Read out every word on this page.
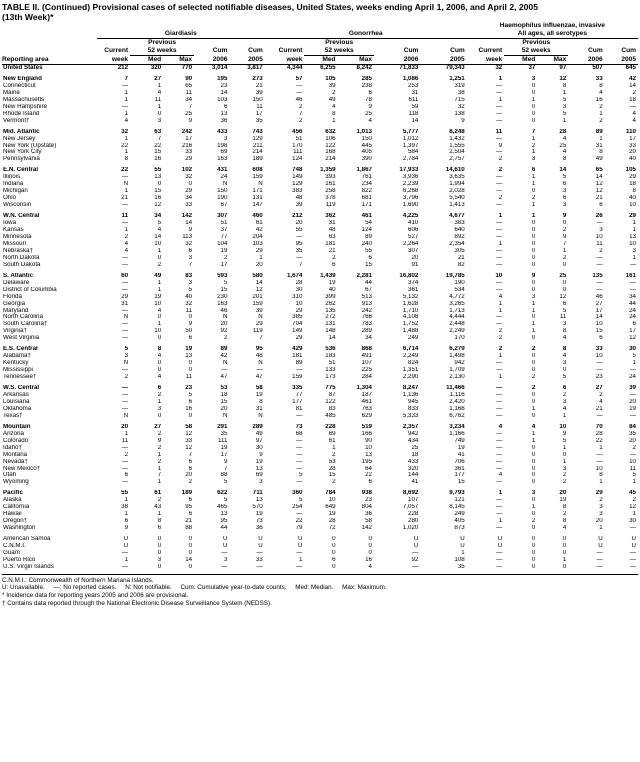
TABLE II. (Continued) Provisional cases of selected notifiable diseases, United States, weeks ending April 1, 2006, and April 2, 2005
(13th Week)*
											Haemophilus influenzae, invasive				
	Giardiasis					Gonorrhea					All ages, all serotypes				
		Previous					Previous					Previous			
	Current	52 weeks		Cum	Cum	Current	52 weeks		Cum	Cum	Current	52 weeks		Cum	Cum
Reporting area	week	Med	Max	2006	2005	week	Med	Max	2006	2005	week	Med	Max	2006	2005
United States	212	320	770	3,014	3,817	4,344	6,255	8,242	71,833	79,343	32	37	97	507	645

New England	7	27	90	195	273	57	105	285	1,086	1,251	1	3	12	33	42
Connecticut	—	1	65	23	21	—	39	238	253	319	—	0	8	8	14
Maine	1	4	11	14	39	—	2	6	31	38	—	0	1	4	2
Massachusetts	1	11	34	103	150	46	49	78	611	715	1	1	5	16	18
New Hampshire	—	1	7	6	11	2	4	9	59	32	—	0	3	2	—
Rhode Island	1	0	25	13	17	7	8	25	118	138	—	0	5	1	4
Vermont†	4	3	9	36	35	2	1	4	14	9	—	0	1	2	4

Mid. Atlantic	32	63	242	433	743	456	632	1,013	5,777	8,248	11	7	28	89	110
New Jersey	1	7	17	3	129	51	106	150	1,012	1,432	—	1	4	1	17
New York (Upstate)	22	22	216	198	211	170	122	445	1,397	1,555	9	2	25	31	33
New York City	1	15	33	69	214	111	168	405	584	2,504	—	1	4	8	20
Pennsylvania	8	16	29	163	189	124	214	390	2,784	2,757	2	3	8	49	40

E.N. Central	22	55	102	431	608	748	1,359	1,867	17,933	14,610	2	6	14	65	105
Illinois	—	13	32	24	159	149	393	761	3,936	3,635	—	1	5	14	29
Indiana	N	0	0	N	N	129	161	234	2,239	1,994	—	1	6	12	18
Michigan	1	15	29	150	171	383	258	822	6,268	2,028	—	0	3	12	8
Ohio	21	16	34	190	131	48	378	681	3,796	5,540	2	2	6	21	40
Wisconsin	—	12	33	67	147	39	119	171	1,690	1,413	—	1	3	6	10

W.N. Central	11	34	142	307	460	212	362	461	4,225	4,677	1	1	9	26	29
Iowa	—	5	14	51	61	20	31	54	410	383	—	0	0	—	1
Kansas	1	4	9	37	42	55	48	124	606	640	—	0	2	3	1
Minnesota	2	14	113	77	204	—	63	89	527	892	—	0	9	10	13
Missouri	4	10	32	104	103	95	181	240	2,264	2,354	1	0	7	11	10
Nebraska†	4	1	6	19	29	35	21	55	307	305	—	0	1	2	3
North Dakota	—	0	3	2	1	—	2	6	20	21	—	0	2	—	1
South Dakota	—	2	7	17	20	7	6	15	91	82	—	0	0	—	—

S. Atlantic	60	49	83	593	580	1,674	1,439	2,281	16,802	19,785	10	9	25	135	161
Delaware	—	1	3	5	14	28	19	44	374	190	—	0	0	—	—
District of Columbia	—	1	5	15	12	30	40	67	361	534	—	0	0	—	—
Florida	29	19	40	230	201	310	399	513	5,132	4,772	4	3	12	46	34
Georgia	31	10	32	163	159	10	262	913	1,628	3,265	1	1	6	27	44
Maryland	—	4	11	46	39	29	135	242	1,710	1,713	1	1	5	17	24
North Carolina	N	0	0	N	N	385	272	766	4,108	4,444	—	0	11	14	24
South Carolina†	—	1	9	20	29	704	131	783	1,752	2,448	—	1	3	10	6
Virginia†	—	10	50	92	119	149	148	289	1,488	2,249	2	1	8	15	17
West Virginia	—	0	6	2	7	29	14	34	249	170	2	0	4	6	12

E.S. Central	5	8	19	89	95	429	536	868	6,714	6,279	2	2	8	33	30
Alabama†	3	4	13	42	48	181	183	491	2,249	1,498	1	0	4	10	5
Kentucky	N	0	0	N	N	89	51	107	824	942	—	0	3	—	1
Mississippi	—	0	0	—	—	—	133	225	1,351	1,709	—	0	0	—	—
Tennessee†	2	4	11	47	47	159	173	284	2,290	2,130	1	2	5	23	24

W.S. Central	—	6	23	53	58	335	775	1,304	8,247	11,466	—	2	6	27	39
Arkansas	—	2	5	18	19	77	87	187	1,136	1,116	—	0	2	2	—
Louisiana	—	1	6	15	8	177	122	461	945	2,420	—	0	3	4	20
Oklahoma	—	3	16	20	31	81	83	763	833	1,168	—	1	4	21	19
Texas†	N	0	0	N	N	—	485	629	5,333	6,762	—	0	1	—	—

Mountain	20	27	58	291	289	73	228	519	2,357	3,234	4	4	10	70	84
Arizona	1	2	12	35	49	68	69	166	942	1,166	—	1	9	28	35
Colorado	11	9	33	111	97	—	61	90	434	749	—	1	5	22	20
Idaho†	—	2	12	19	30	—	1	10	25	19	—	0	1	1	2
Montana	2	1	7	17	9	—	2	13	18	41	—	0	0	—	—
Nevada†	—	2	6	9	19	—	53	195	433	706	—	0	1	—	10
New Mexico†	—	1	6	7	13	—	28	64	320	361	—	0	3	10	11
Utah	6	7	20	88	69	5	15	22	144	177	4	0	2	8	5
Wyoming	—	1	2	5	3	—	2	6	41	15	—	0	2	1	1

Pacific	55	61	189	622	711	360	784	938	8,692	9,793	1	3	20	29	45
Alaska	1	2	6	5	13	5	10	23	107	121	—	0	19	2	2
California	38	43	95	465	570	254	649	804	7,057	8,145	—	1	8	3	12
Hawaii	1	1	6	13	19	—	19	36	228	249	—	0	2	3	1
Oregon†	6	8	21	95	73	22	28	58	280	405	1	2	8	20	30
Washington	9	6	88	44	36	79	72	142	1,020	873	—	0	4	1	—

American Samoa	U	0	0	U	U	U	0	0	U	U	U	0	0	U	U
C.N.M.I.	U	0	0	U	U	U	0	0	U	U	U	0	0	U	U
Guam	—	0	0	—	—	—	0	0	—	1	—	0	0	—	—
Puerto Rico	1	3	14	3	33	1	6	16	92	108	—	0	1	—	—
U.S. Virgin Islands	—	0	0	—	—	—	0	4	—	35	—	0	0	—	—
C.N.M.I.: Commonwealth of Northern Mariana Islands.
U: Unavailable.     —: No reported cases.     N: Not notifiable.     Cum: Cumulative year-to-date counts.     Med: Median.     Max: Maximum.
* Incidence data for reporting years 2005 and 2006 are provisional.
† Contains data reported through the National Electronic Disease Surveillance System (NEDSS).
